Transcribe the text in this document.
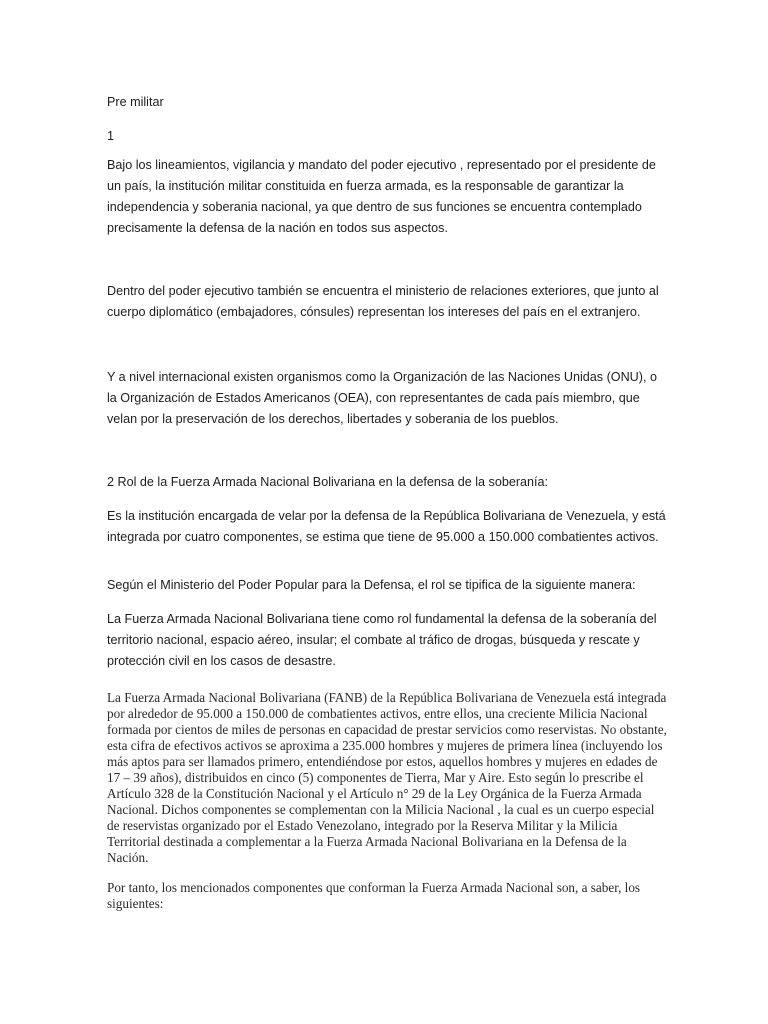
Pre militar

1

Bajo los lineamientos, vigilancia y mandato del poder ejecutivo , representado por el presidente de un país, la institución militar constituida en fuerza armada, es la responsable de garantizar la independencia y soberania nacional, ya que dentro de sus funciones se encuentra contemplado precisamente la defensa de la nación en todos sus aspectos.

Dentro del poder ejecutivo también se encuentra el ministerio de relaciones exteriores, que junto al cuerpo diplomático (embajadores, cónsules) representan los intereses del país en el extranjero.

Y a nivel internacional existen organismos como la Organización de las Naciones Unidas (ONU), o la Organización de Estados Americanos (OEA), con representantes de cada país miembro, que velan por la preservación de los derechos, libertades y soberania de los pueblos.

2 Rol de la Fuerza Armada Nacional Bolivariana en la defensa de la soberanía:

Es la institución encargada de velar por la defensa de la República Bolivariana de Venezuela, y está integrada por cuatro componentes, se estima que tiene de 95.000 a 150.000 combatientes activos.

Según el Ministerio del Poder Popular para la Defensa, el rol se tipifica de la siguiente manera:

La Fuerza Armada Nacional Bolivariana tiene como rol fundamental la defensa de la soberanía del territorio nacional, espacio aéreo, insular; el combate al tráfico de drogas, búsqueda y rescate y protección civil en los casos de desastre.

La Fuerza Armada Nacional Bolivariana (FANB) de la República Bolivariana de Venezuela está integrada por alrededor de 95.000 a 150.000 de combatientes activos, entre ellos, una creciente Milicia Nacional formada por cientos de miles de personas en capacidad de prestar servicios como reservistas. No obstante, esta cifra de efectivos activos se aproxima a 235.000 hombres y mujeres de primera línea (incluyendo los más aptos para ser llamados primero, entendiéndose por estos, aquellos hombres y mujeres en edades de 17 – 39 años), distribuidos en cinco (5) componentes de Tierra, Mar y Aire. Esto según lo prescribe el Artículo 328 de la Constitución Nacional y el Artículo n° 29 de la Ley Orgánica de la Fuerza Armada Nacional. Dichos componentes se complementan con la Milicia Nacional , la cual es un cuerpo especial de reservistas organizado por el Estado Venezolano, integrado por la Reserva Militar y la Milicia Territorial destinada a complementar a la Fuerza Armada Nacional Bolivariana en la Defensa de la Nación.

Por tanto, los mencionados componentes que conforman la Fuerza Armada Nacional son, a saber, los siguientes:
